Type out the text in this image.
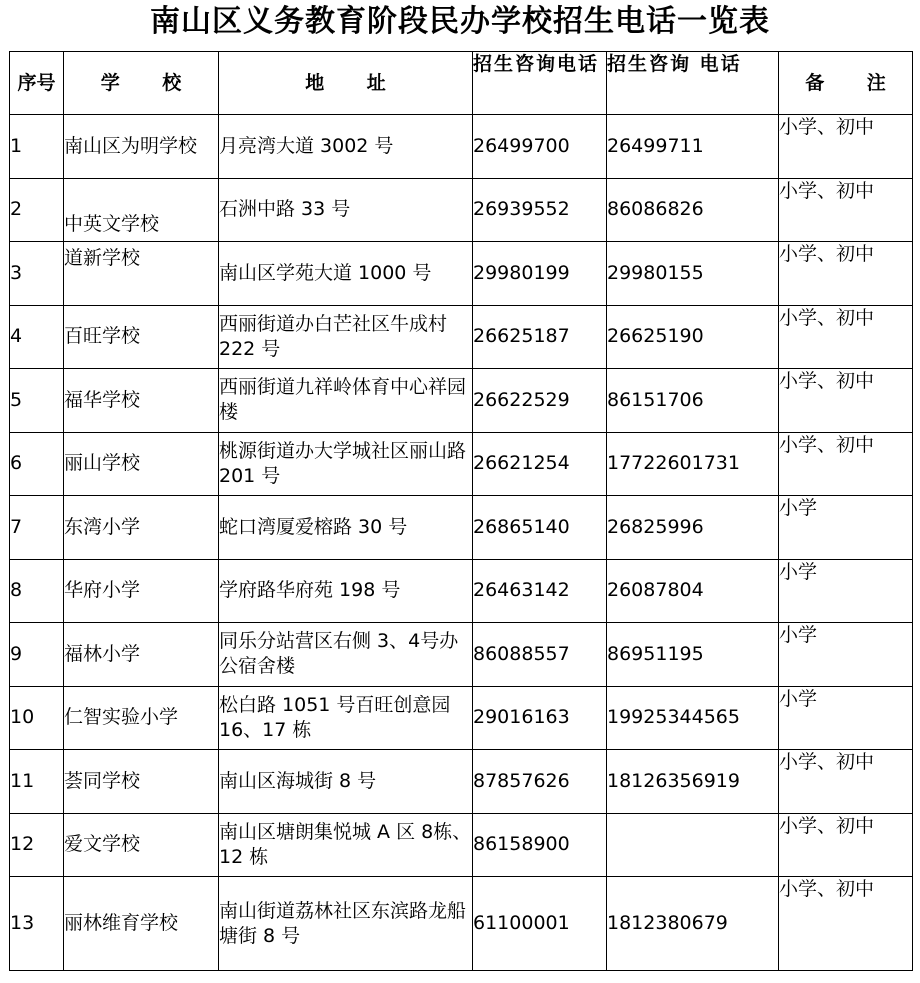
南山区义务教育阶段民办学校招生电话一览表
序号	学 校	地 址	招生咨询电话	招生咨询 电话	备 注
1	南山区为明学校	月亮湾大道 3002 号	26499700	26499711	小学、初中
2	中英文学校	石洲中路 33 号	26939552	86086826	小学、初中
3	道新学校	南山区学苑大道 1000 号	29980199	29980155	小学、初中
4	百旺学校	西丽街道办白芒社区牛成村 222 号	26625187	26625190	小学、初中
5	福华学校	西丽街道九祥岭体育中心祥园楼	26622529	86151706	小学、初中
6	丽山学校	桃源街道办大学城社区丽山路 201 号	26621254	17722601731	小学、初中
7	东湾小学	蛇口湾厦爱榕路 30 号	26865140	26825996	小学
8	华府小学	学府路华府苑 198 号	26463142	26087804	小学
9	福林小学	同乐分站营区右侧 3、4号办公宿舍楼	86088557	86951195	小学
10	仁智实验小学	松白路 1051 号百旺创意园 16、17 栋	29016163	19925344565	小学
11	荟同学校	南山区海城街 8 号	87857626	18126356919	小学、初中
12	爱文学校	南山区塘朗集悦城 A 区 8栋、12 栋	86158900		小学、初中
13	丽林维育学校	南山街道荔林社区东滨路龙船塘街 8 号	61100001	1812380679	小学、初中
